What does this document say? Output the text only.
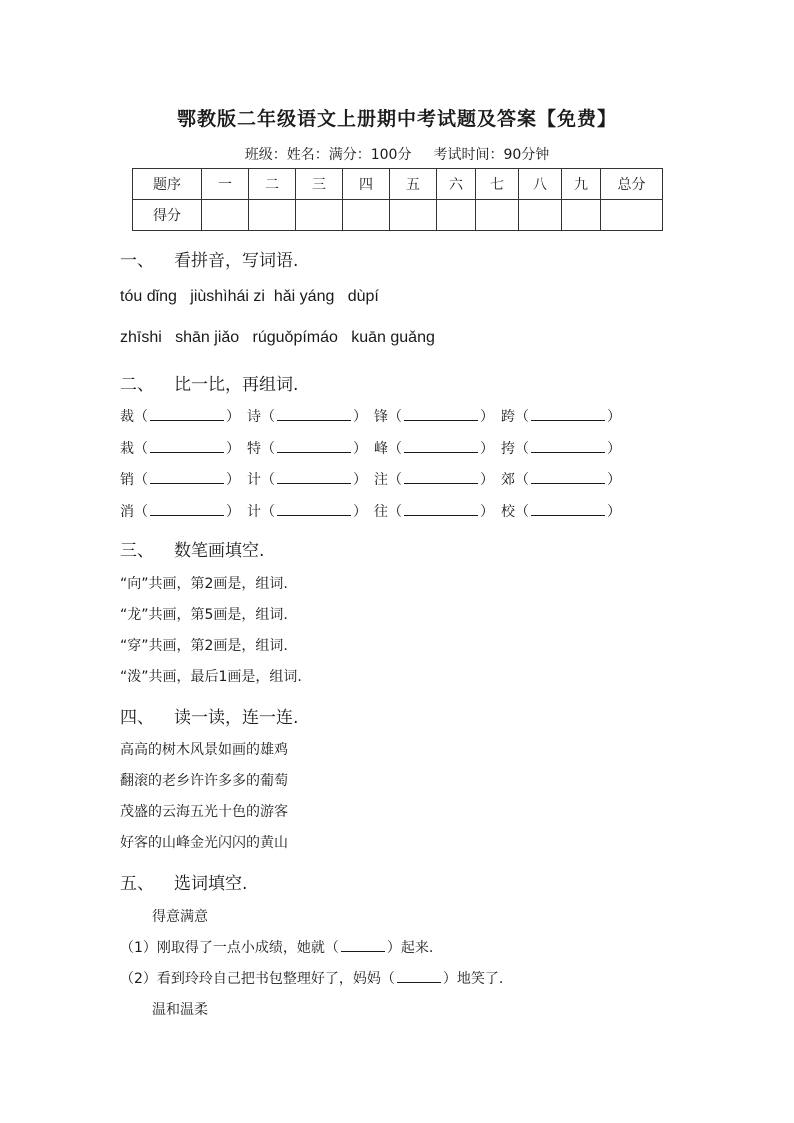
鄂教版二年级语文上册期中考试题及答案【免费】
班级：姓名：满分：100分 考试时间：90分钟
题序	一	二	三	四	五	六	七	八	九	总分
得分										
一、 看拼音，写词语.
tóu dǐng   jiùshìhái zi  hǎi yáng   dùpí
zhīshi   shān jiǎo   rúguǒpímáo   kuān guǎng
二、 比一比，再组词.
裁（	） 诗（	） 锋（	） 跨（	）
栽（	） 特（	） 峰（	） 挎（	）
销（	） 计（	） 注（	） 郊（	）
消（	） 计（	） 往（	） 校（	）
三、 数笔画填空.
“向”共画，第2画是，组词.
“龙”共画，第5画是，组词.
“穿”共画，第2画是，组词.
“泼”共画，最后1画是，组词.
四、 读一读，连一连.
高高的树木风景如画的雄鸡
翻滚的老乡许许多多的葡萄
茂盛的云海五光十色的游客
好客的山峰金光闪闪的黄山
五、 选词填空.
得意满意
（1）刚取得了一点小成绩，她就（	）起来.
（2）看到玲玲自己把书包整理好了，妈妈（	）地笑了.
温和温柔
